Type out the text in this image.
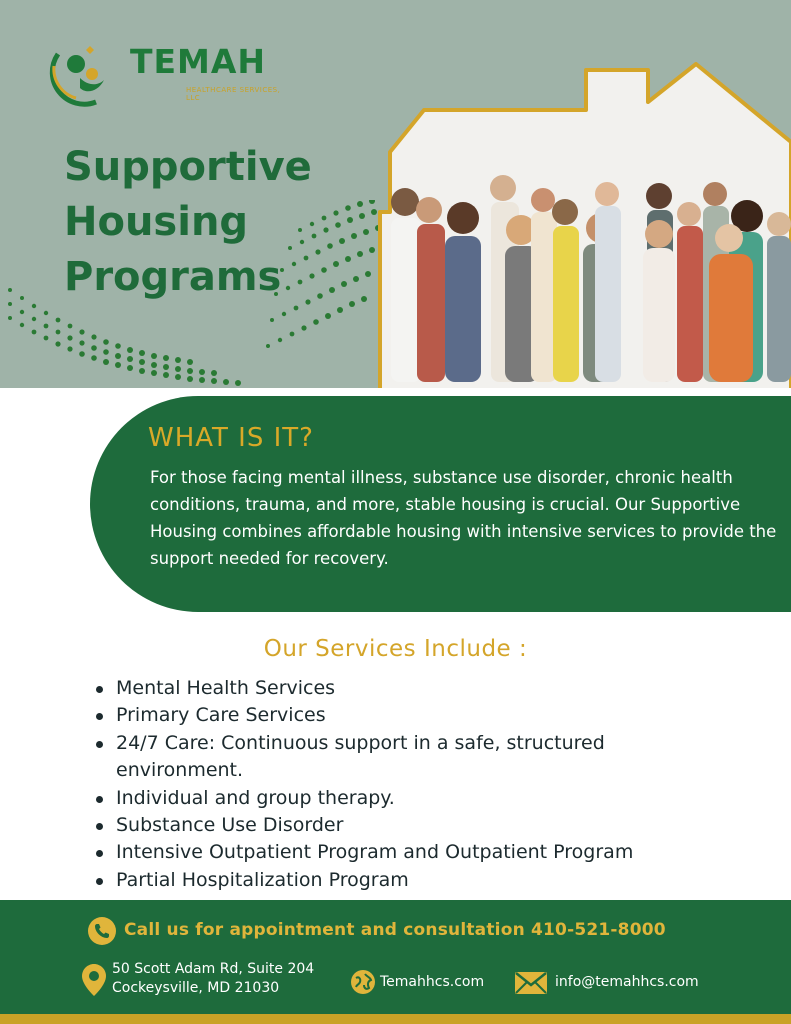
TEMAH
HEALTHCARE SERVICES, LLC
Supportive Housing Programs
WHAT IS IT?

For those facing mental illness, substance use disorder, chronic health conditions, trauma, and more, stable housing is crucial. Our Supportive Housing combines affordable housing with intensive services to provide the support needed for recovery.

Our Services Include :
Mental Health Services
Primary Care Services
24/7 Care: Continuous support in a safe, structured environment.
Individual and group therapy.
Substance Use Disorder
Intensive Outpatient Program and Outpatient Program
Partial Hospitalization Program
Call us for appointment and consultation 410-521-8000
50 Scott Adam Rd, Suite 204
Cockeysville, MD 21030	Temahhcs.com	info@temahhcs.com
